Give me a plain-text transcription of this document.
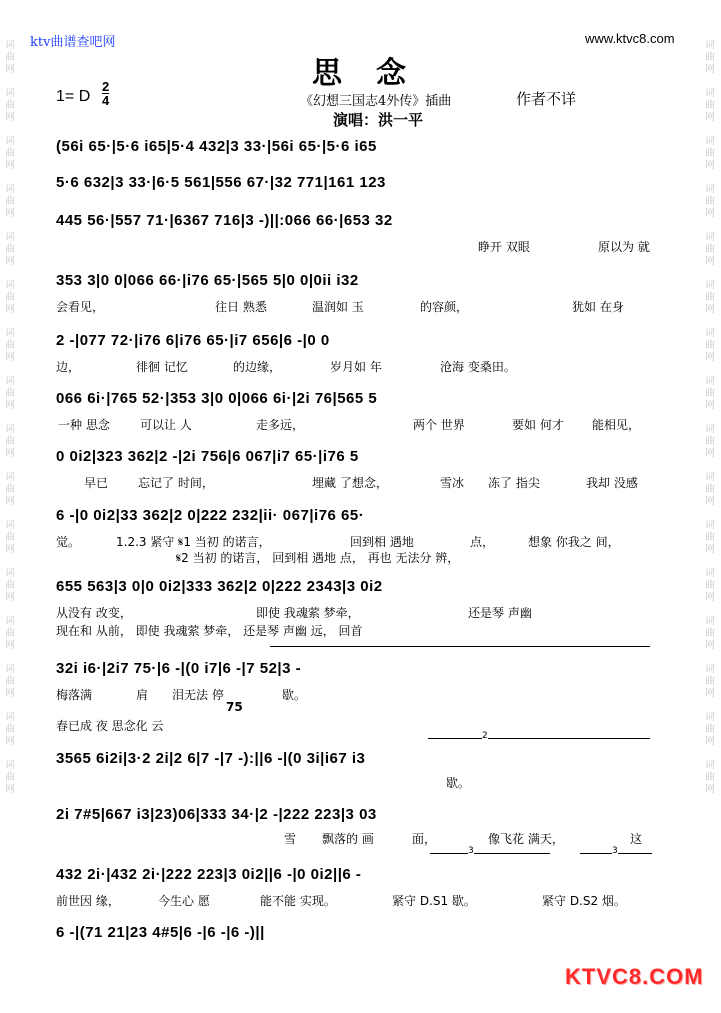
词曲网

词曲网

词曲网

词曲网

词曲网

词曲网

词曲网

词曲网

词曲网

词曲网

词曲网

词曲网

词曲网

词曲网

词曲网

词曲网
词曲网

词曲网

词曲网

词曲网

词曲网

词曲网

词曲网

词曲网

词曲网

词曲网

词曲网

词曲网

词曲网

词曲网

词曲网

词曲网
ktv曲谱查吧网	www.ktvc8.com
思念
1= D
2
4	《幻想三国志4外传》插曲	作者不详
演唱：洪一平
(56i 65·|5·6 i65|5·4 432|3 33·|56i 65·|5·6 i65
5·6 632|3 33·|6·5 561|556 67·|32 771|161 123
445 56·|557 71·|6367 716|3 -)||:066 66·|653 32
睁开 双眼	原以为 就
353 3|0 0|066 66·|i76 65·|565 5|0 0|0ii i32
会看见，	往日 熟悉	温润如 玉	的容颜，	犹如 在身
2 -|077 72·|i76 6|i76 65·|i7 656|6 -|0 0
边，	徘徊 记忆	的边缘，	岁月如 年	沧海 变桑田。
066 6i·|765 52·|353 3|0 0|066 6i·|2i 76|565 5
一种 思念	可以让 人	走多远，	两个 世界	要如 何才 能相见，
0 0i2|323 362|2 -|2i 756|6 067|i7 65·|i76 5
早已 忘记了 时间，	埋藏 了想念，	雪冰 冻了 指尖	我却 没感
6 -|0 0i2|33 362|2 0|222 232|ii· 067|i76 65·
觉。	1.2.3 紧守 𝄋1 当初 的诺言，	回到相 遇地	点，	想象 你我之 间，
𝄋2 当初 的诺言， 回到相 遇地 点， 再也 无法分 辨，
655 563|3 0|0 0i2|333 362|2 0|222 2343|3 0i2
从没有 改变，	即使 我魂萦 梦牵，	还是琴 声幽
现在和 从前， 即使 我魂萦 梦牵， 还是琴 声幽 远， 回首
32i i6·|2i7 75·|6 -|(0 i7|6 -|7 52|3 -
梅落满	肩 泪无法 停	歇。
75
春已成 夜 思念化 云
2
3565 6i2i|3·2 2i|2 6|7 -|7 -):||6 -|(0 3i|i67 i3
歇。
2i 7#5|667 i3|23)06|333 34·|2 -|222 223|3 03
雪 飘落的 画	面，	像飞花 满天，	这
3	3
432 2i·|432 2i·|222 223|3 0i2||6 -|0 0i2||6 -
前世因 缘，	今生心 愿	能不能 实现。	紧守 D.S1 歇。	紧守 D.S2 烟。
6 -|(71 21|23 4#5|6 -|6 -|6 -)||
KTVC8.COM
